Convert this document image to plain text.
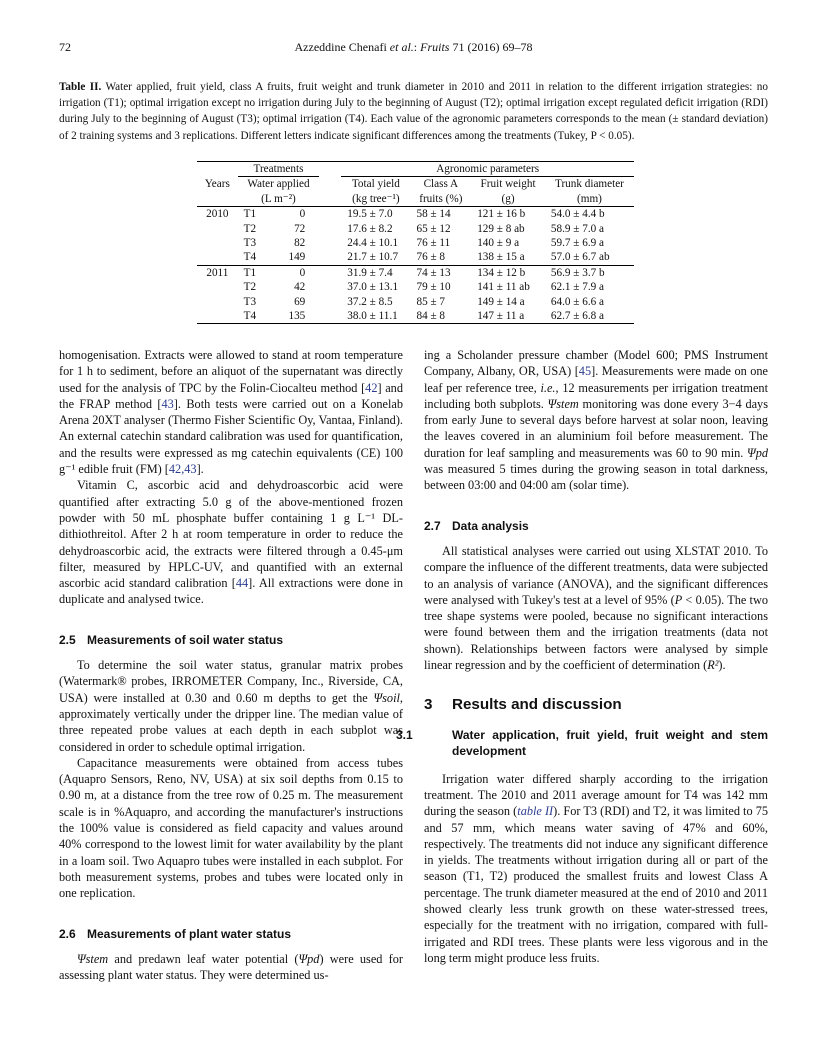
72	Azzeddine Chenafi et al.: Fruits 71 (2016) 69–78
Table II. Water applied, fruit yield, class A fruits, fruit weight and trunk diameter in 2010 and 2011 in relation to the different irrigation strategies: no irrigation (T1); optimal irrigation except no irrigation during July to the beginning of August (T2); optimal irrigation except regulated deficit irrigation (RDI) during July to the beginning of August (T3); optimal irrigation (T4). Each value of the agronomic parameters corresponds to the mean (± standard deviation) of 2 training systems and 3 replications. Different letters indicate significant differences among the treatments (Tukey, P < 0.05).
	Treatments			Agronomic parameters			
Years	Water applied			Total yield	Class A	Fruit weight	Trunk diameter
	(L m⁻²)			(kg tree⁻¹)	fruits (%)	(g)	(mm)
2010	T1	0		19.5 ± 7.0	58 ± 14	121 ± 16 b	54.0 ± 4.4 b
	T2	72		17.6 ± 8.2	65 ± 12	129 ± 8 ab	58.9 ± 7.0 a
	T3	82		24.4 ± 10.1	76 ± 11	140 ± 9 a	59.7 ± 6.9 a
	T4	149		21.7 ± 10.7	76 ± 8	138 ± 15 a	57.0 ± 6.7 ab
2011	T1	0		31.9 ± 7.4	74 ± 13	134 ± 12 b	56.9 ± 3.7 b
	T2	42		37.0 ± 13.1	79 ± 10	141 ± 11 ab	62.1 ± 7.9 a
	T3	69		37.2 ± 8.5	85 ± 7	149 ± 14 a	64.0 ± 6.6 a
	T4	135		38.0 ± 11.1	84 ± 8	147 ± 11 a	62.7 ± 6.8 a

homogenisation. Extracts were allowed to stand at room temperature for 1 h to sediment, before an aliquot of the supernatant was directly used for the analysis of TPC by the Folin-Ciocalteu method [42] and the FRAP method [43]. Both tests were carried out on a Konelab Arena 20XT analyser (Thermo Fisher Scientific Oy, Vantaa, Finland). An external catechin standard calibration was used for quantification, and the results were expressed as mg catechin equivalents (CE) 100 g⁻¹ edible fruit (FM) [42,43].

Vitamin C, ascorbic acid and dehydroascorbic acid were quantified after extracting 5.0 g of the above-mentioned frozen powder with 50 mL phosphate buffer containing 1 g L⁻¹ DL-dithiothreitol. After 2 h at room temperature in order to reduce the dehydroascorbic acid, the extracts were filtered through a 0.45-μm filter, measured by HPLC-UV, and quantified with an external ascorbic acid standard calibration [44]. All extractions were done in duplicate and analysed twice.

2.5 Measurements of soil water status

To determine the soil water status, granular matrix probes (Watermark® probes, IRROMETER Company, Inc., Riverside, CA, USA) were installed at 0.30 and 0.60 m depths to get the Ψsoil, approximately vertically under the dripper line. The median value of three repeated probe values at each depth in each subplot was considered in order to schedule optimal irrigation.

Capacitance measurements were obtained from access tubes (Aquapro Sensors, Reno, NV, USA) at six soil depths from 0.15 to 0.90 m, at a distance from the tree row of 0.25 m. The measurement scale is in %Aquapro, and according the manufacturer's instructions the 100% value is considered as field capacity and values around 40% correspond to the lowest limit for water availability by the plant in a loam soil. Two Aquapro tubes were installed in each subplot. For both measurement systems, probes and tubes were located only in one replication.

2.6 Measurements of plant water status

Ψstem and predawn leaf water potential (Ψpd) were used for assessing plant water status. They were determined us-

ing a Scholander pressure chamber (Model 600; PMS Instrument Company, Albany, OR, USA) [45]. Measurements were made on one leaf per reference tree, i.e., 12 measurements per irrigation treatment including both subplots. Ψstem monitoring was done every 3−4 days from early June to several days before harvest at solar noon, leaving the leaves covered in an aluminium foil before measurement. The duration for leaf sampling and measurements was 60 to 90 min. Ψpd was measured 5 times during the growing season in total darkness, between 03:00 and 04:00 am (solar time).

2.7 Data analysis

All statistical analyses were carried out using XLSTAT 2010. To compare the influence of the different treatments, data were subjected to an analysis of variance (ANOVA), and the significant differences were analysed with Tukey's test at a level of 95% (P < 0.05). The two tree shape systems were pooled, because no significant interactions were found between them and the irrigation treatments (data not shown). Relationships between factors were analysed by simple linear regression and by the coefficient of determination (R²).

3 Results and discussion
3.1	Water application, fruit yield, fruit weight and stem development

Irrigation water differed sharply according to the irrigation treatment. The 2010 and 2011 average amount for T4 was 142 mm during the season (table II). For T3 (RDI) and T2, it was limited to 75 and 57 mm, which means water saving of 47% and 60%, respectively. The treatments did not induce any significant difference in yields. The treatments without irrigation during all or part of the season (T1, T2) produced the smallest fruits and lowest Class A percentage. The trunk diameter measured at the end of 2010 and 2011 showed clearly less trunk growth on these water-stressed trees, especially for the treatment with no irrigation, compared with full-irrigated and RDI trees. These plants were less vigorous and in the long term might produce less fruits.
